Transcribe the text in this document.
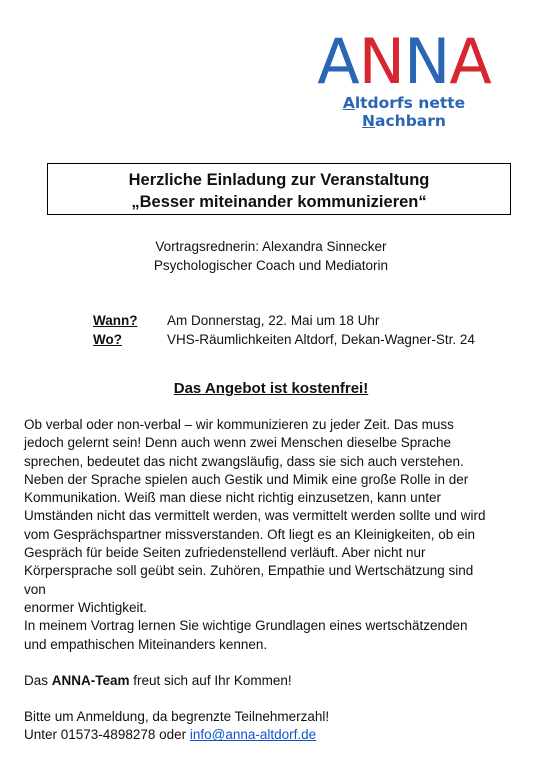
ANNA
Altdorfs nette Nachbarn
Herzliche Einladung zur Veranstaltung
„Besser miteinander kommunizieren“
Vortragsrednerin: Alexandra Sinnecker
Psychologischer Coach und Mediatorin
Wann?	Am Donnerstag, 22. Mai um 18 Uhr
Wo?	VHS-Räumlichkeiten Altdorf, Dekan-Wagner-Str. 24
Das Angebot ist kostenfrei!

Ob verbal oder non-verbal – wir kommunizieren zu jeder Zeit. Das muss

jedoch gelernt sein! Denn auch wenn zwei Menschen dieselbe Sprache

sprechen, bedeutet das nicht zwangsläufig, dass sie sich auch verstehen.

Neben der Sprache spielen auch Gestik und Mimik eine große Rolle in der

Kommunikation. Weiß man diese nicht richtig einzusetzen, kann unter

Umständen nicht das vermittelt werden, was vermittelt werden sollte und wird

vom Gesprächspartner missverstanden. Oft liegt es an Kleinigkeiten, ob ein

Gespräch für beide Seiten zufriedenstellend verläuft. Aber nicht nur

Körpersprache soll geübt sein. Zuhören, Empathie und Wertschätzung sind

von

enormer Wichtigkeit.

In meinem Vortrag lernen Sie wichtige Grundlagen eines wertschätzenden

und empathischen Miteinanders kennen.

Das ANNA-Team freut sich auf Ihr Kommen!

Bitte um Anmeldung, da begrenzte Teilnehmerzahl!

Unter 01573-4898278 oder info@anna-altdorf.de
